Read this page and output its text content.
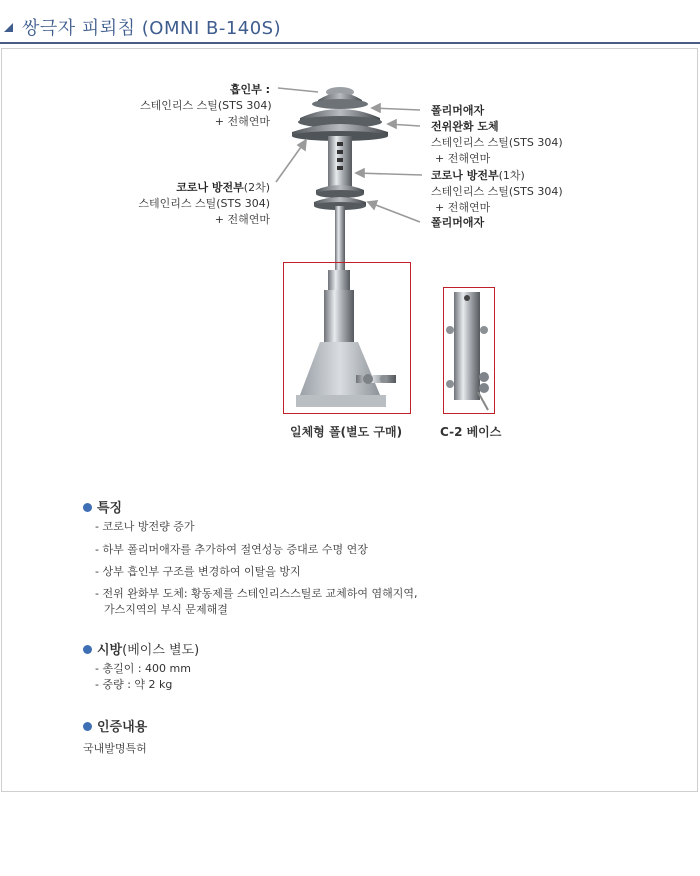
쌍극자 피뢰침 (OMNI B-140S)
흡인부 :
스테인리스 스틸(STS 304)
+ 전해연마
코로나 방전부(2차)
스테인리스 스틸(STS 304)
+ 전해연마
폴리머애자
전위완화 도체
스테인리스 스틸(STS 304)
+ 전해연마
코로나 방전부(1차)
스테인리스 스틸(STS 304)
+ 전해연마
폴리머애자
일체형 폴(별도 구매)	C-2 베이스
특징
- 코로나 방전량 증가
- 하부 폴리머애자를 추가하여 절연성능 증대로 수명 연장
- 상부 흡인부 구조를 변경하여 이탈을 방지
- 전위 완화부 도체: 황동제를 스테인리스스틸로 교체하여 염해지역,
가스지역의 부식 문제해결
시방(베이스 별도)
- 총길이 : 400 mm
- 중량 : 약 2 kg
인증내용
국내발명특허
